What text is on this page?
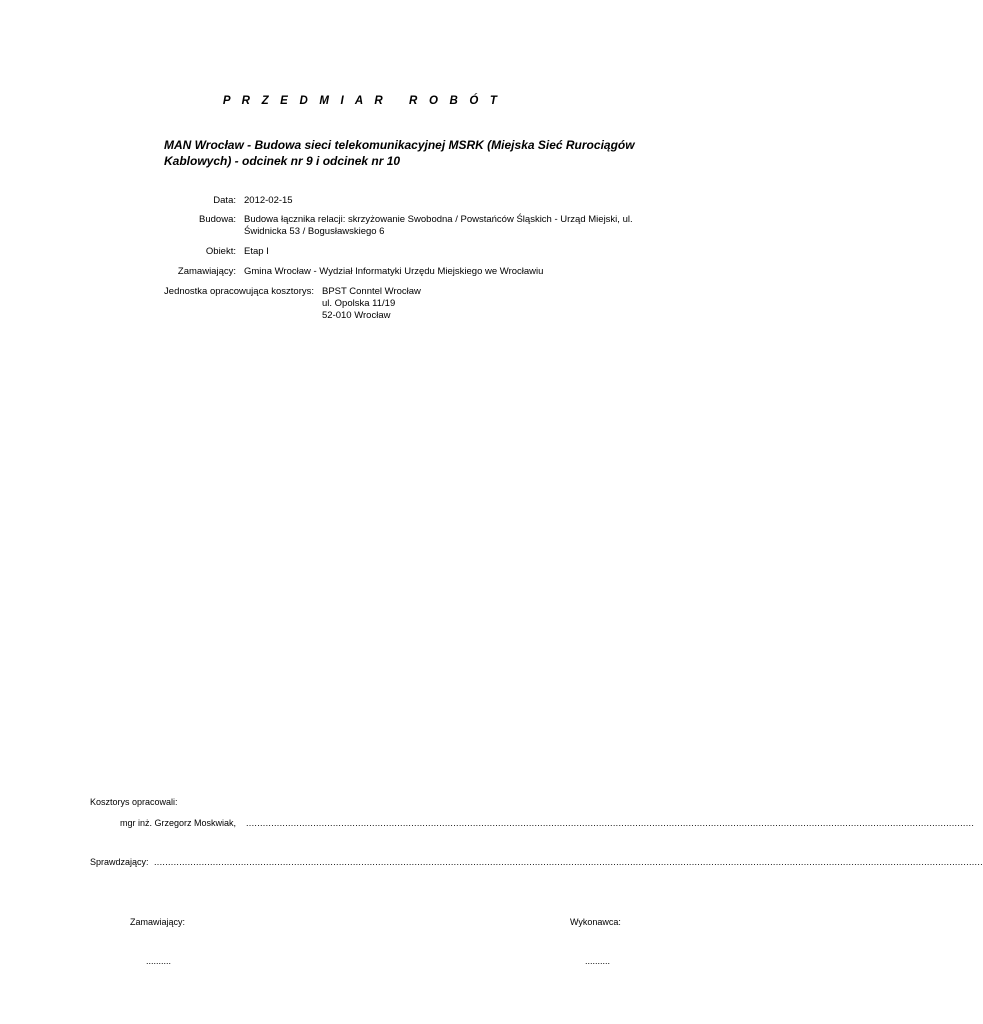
P R Z E D M I A R   R O B Ó T
MAN Wrocław - Budowa sieci telekomunikacyjnej MSRK (Miejska Sieć Rurociągów Kablowych) - odcinek nr 9 i odcinek nr 10
Data: 2012-02-15
Budowa: Budowa łącznika relacji: skrzyżowanie Swobodna / Powstańców Śląskich - Urząd Miejski, ul. Świdnicka 53 / Bogusławskiego 6
Obiekt: Etap I
Zamawiający: Gmina Wrocław - Wydział Informatyki Urzędu Miejskiego we Wrocławiu
Jednostka opracowująca kosztorys: BPST Conntel Wrocław
ul. Opolska 11/19
52-010 Wrocław
Kosztorys opracowali:
mgr inż. Grzegorz Moskwiak, ....................................................................................................................................................................................................................................................................
Sprawdzający: ........................................................................................................................................................................................................................................................................................................
Zamawiający:	Wykonawca:
..........	..........
